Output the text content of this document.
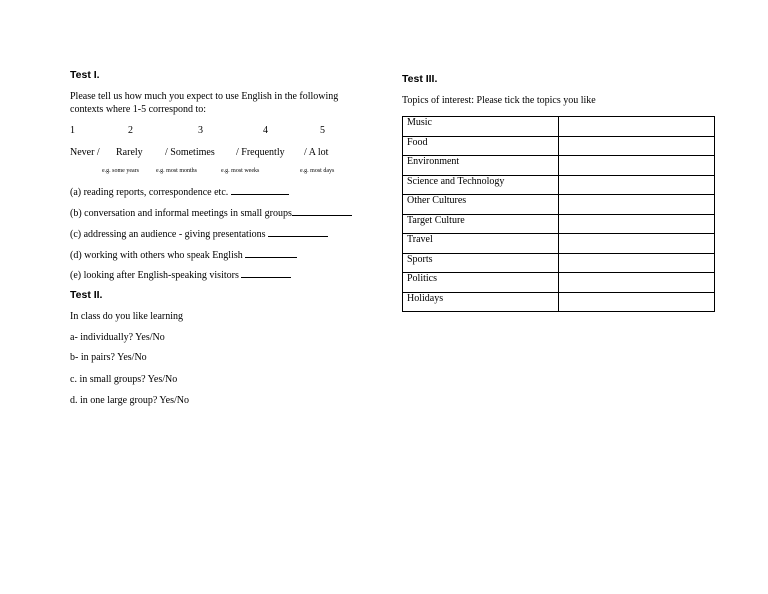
Test I.
Please tell us how much you expect to use English in the following
contexts where 1-5 correspond to:
1	2	3	4	5
Never / Rarely / Sometimes / Frequently / A lot
e.g. some years	e.g. most months	e.g. most weeks	e.g. most days
(a) reading reports, correspondence etc.
(b) conversation and informal meetings in small groups
(c) addressing an audience - giving presentations
(d) working with others who speak English
(e) looking after English-speaking visitors
Test II.
In class do you like learning
a- individually? Yes/No
b- in pairs? Yes/No
c. in small groups? Yes/No
d. in one large group? Yes/No
Test III.
Topics of interest: Please tick the topics you like
Music	
Food	
Environment	
Science and Technology	
Other Cultures	
Target Culture	
Travel	
Sports	
Politics	
Holidays	
